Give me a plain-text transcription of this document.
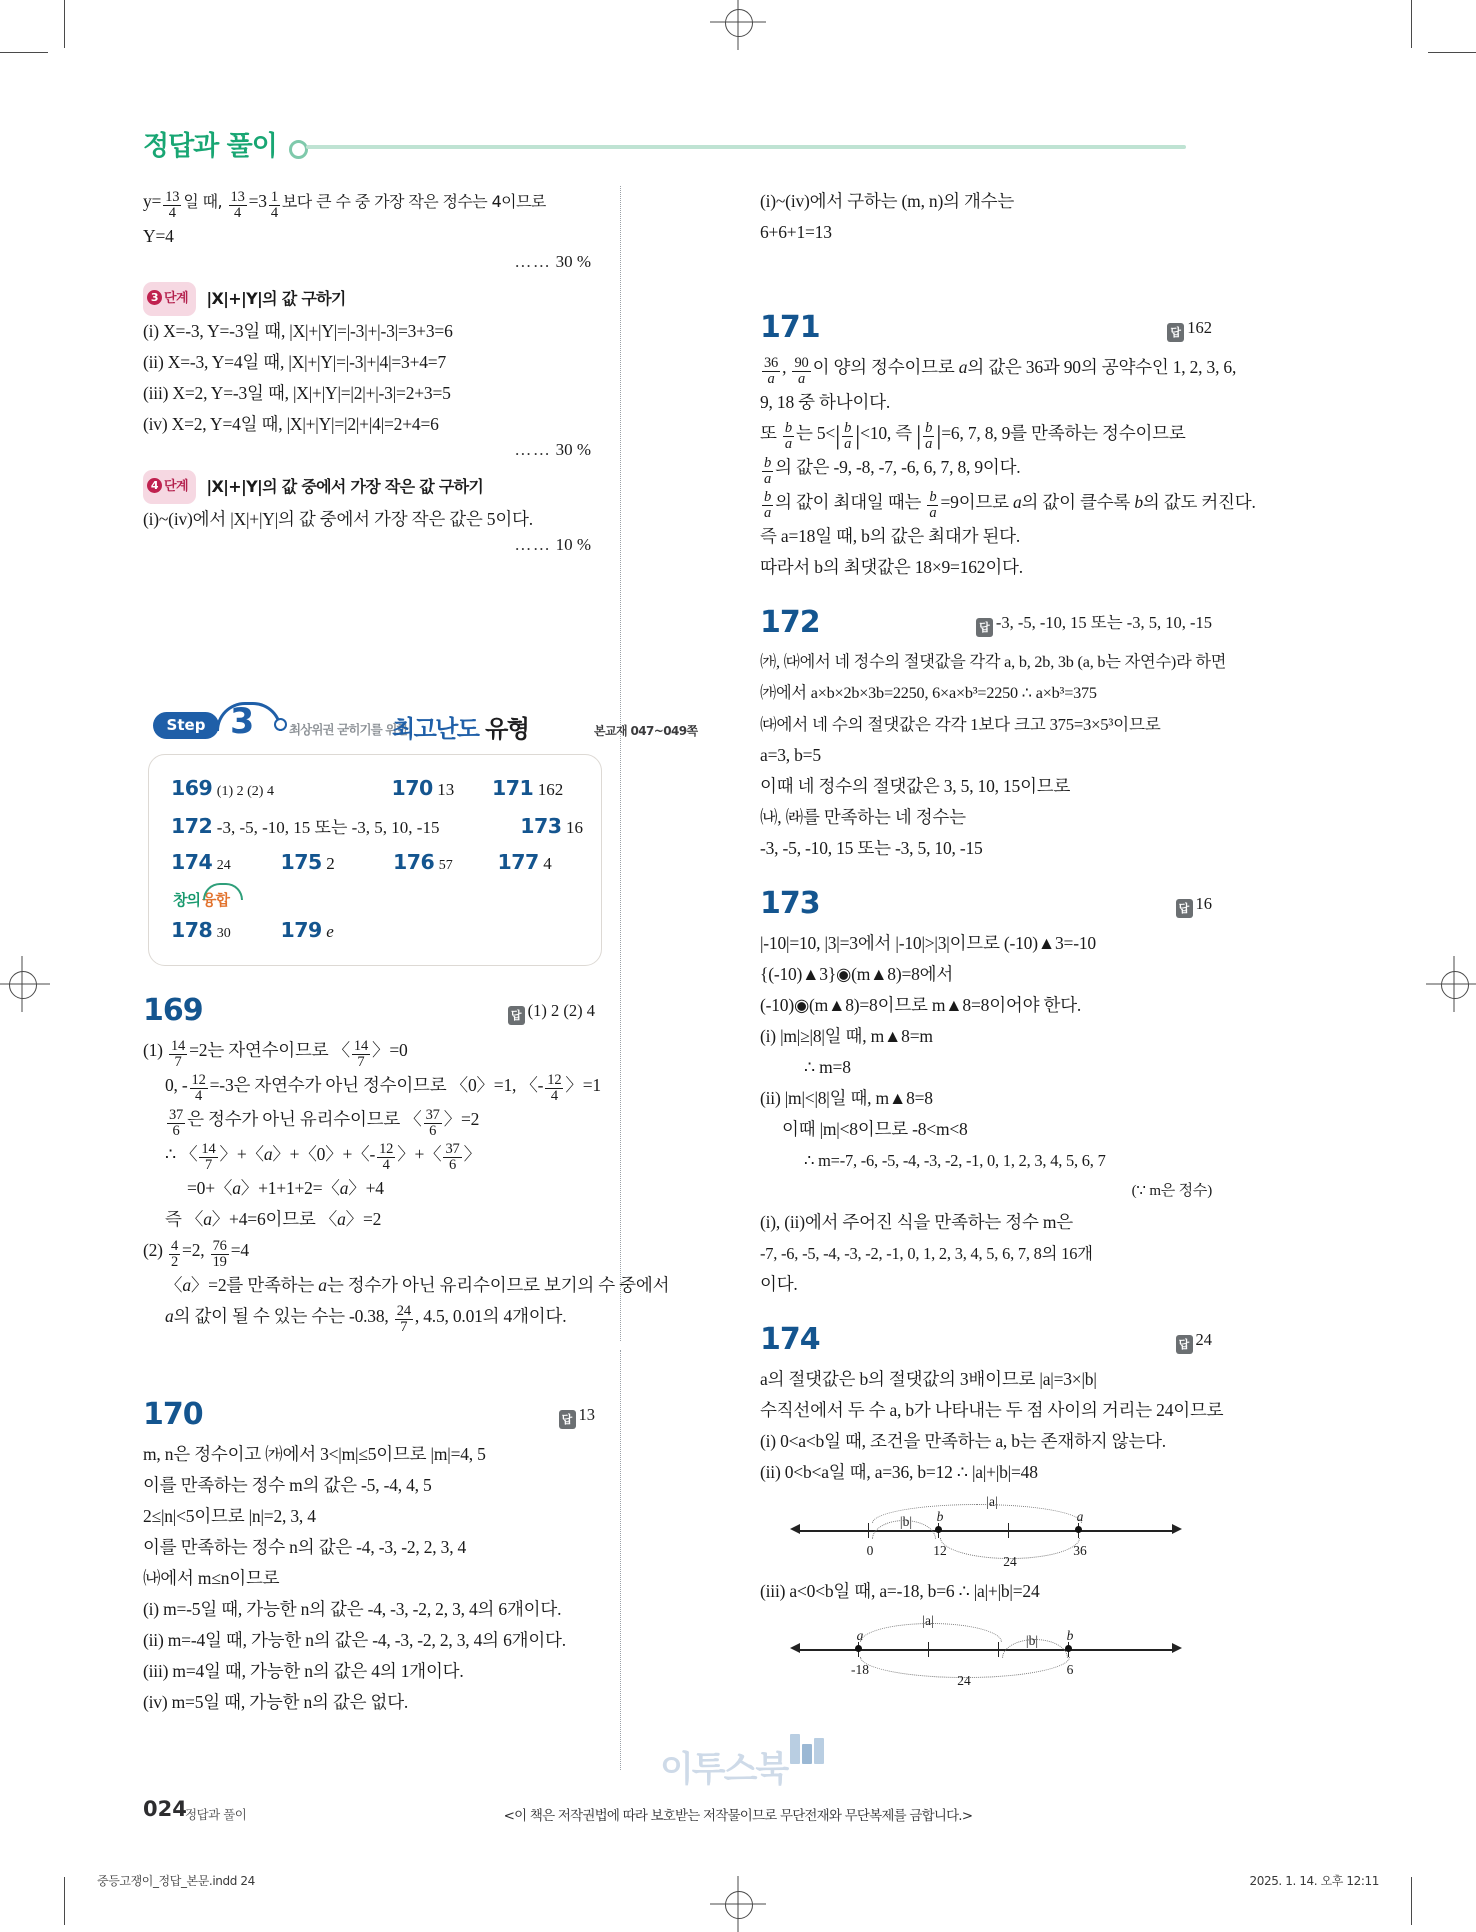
정답과 풀이
$y= \frac{13}{4}$ 일 때, $\frac{13}{4} =3 \frac{1}{4}$ 보다 큰 수 중 가장 작은 정수는 4이므로
Y=4
…… 30 %
3 단계 |X|+|Y|의 값 구하기
(i) X=-3, Y=-3일 때, |X|+|Y|=|-3|+|-3|=3+3=6
(ii) X=-3, Y=4일 때, |X|+|Y|=|-3|+|4|=3+4=7
(iii) X=2, Y=-3일 때, |X|+|Y|=|2|+|-3|=2+3=5
(iv) X=2, Y=4일 때, |X|+|Y|=|2|+|4|=2+4=6
…… 30 %
4 단계 |X|+|Y|의 값 중에서 가장 작은 값 구하기
(i)~(iv)에서 |X|+|Y|의 값 중에서 가장 작은 값은 5이다.
…… 10 %
Step 3	최상위권 굳히기를 위한
최고난도 유형	본교재 047~049쪽
169 (1) 2 (2) 4	170 13 171 162
172 -3, -5, -10, 15 또는 -3, 5, 10, -15	173 16
174 24 175 2	176 57 177 4
창의 융합
178 30 179 e
169	답 (1) 2 (2) 4
$(1) \frac{14}{7} =2$는 자연수이므로 〈 $\frac{14}{7}$ 〉=0
0, - $\frac{12}{4} =-3$은 자연수가 아닌 정수이므로 〈0〉=1, 〈- $\frac{12}{4}$ 〉=1
$\frac{37}{6}$ 은 정수가 아닌 유리수이므로 〈 $\frac{37}{6}$ 〉=2
∴ 〈 $\frac{14}{7}$ 〉+〈a〉+〈0〉+〈- $\frac{12}{4}$ 〉+〈 $\frac{37}{6}$ 〉
=0+〈a〉+1+1+2=〈a〉+4
즉 〈a〉+4=6이므로 〈a〉=2
$(2) \frac{4}{2} =2$, $\frac{76}{19} =4$
〈a〉=2를 만족하는 a는 정수가 아닌 유리수이므로 보기의 수 중에서
a의 값이 될 수 있는 수는 -0.38, $\frac{24}{7}$ , 4.5, 0.01의 4개이다.
170	답 13
m, n은 정수이고 ㈎에서 3<|m|≤5이므로 |m|=4, 5
이를 만족하는 정수 m의 값은 -5, -4, 4, 5
2≤|n|<5이므로 |n|=2, 3, 4
이를 만족하는 정수 n의 값은 -4, -3, -2, 2, 3, 4
㈏에서 m≤n이므로
(i) m=-5일 때, 가능한 n의 값은 -4, -3, -2, 2, 3, 4의 6개이다.
(ii) m=-4일 때, 가능한 n의 값은 -4, -3, -2, 2, 3, 4의 6개이다.
(iii) m=4일 때, 가능한 n의 값은 4의 1개이다.
(iv) m=5일 때, 가능한 n의 값은 없다.
(i)~(iv)에서 구하는 (m, n)의 개수는
6+6+1=13
171	답 162
$\frac{36}{a}$ , $\frac{90}{a}$ 이 양의 정수이므로 a의 값은 36과 90의 공약수인 1, 2, 3, 6,
9, 18 중 하나이다.
또 $\frac{b}{a}$ 는 $5<| \frac{b}{a} |<10$, 즉 | $\frac{b}{a} |=6$, 7, 8, 9를 만족하는 정수이므로
$\frac{b}{a}$ 의 값은 -9, -8, -7, -6, 6, 7, 8, 9이다.
$\frac{b}{a}$ 의 값이 최대일 때는 $\frac{b}{a} =9$이므로 a의 값이 클수록 b의 값도 커진다.
즉 a=18일 때, b의 값은 최대가 된다.
따라서 b의 최댓값은 18×9=162이다.
172	답 -3, -5, -10, 15 또는 -3, 5, 10, -15
㈎, ㈐에서 네 정수의 절댓값을 각각 a, b, 2b, 3b (a, b는 자연수)라 하면
㈎에서 a×b×2b×3b=2250, 6×a×b³=2250 ∴ a×b³=375
㈐에서 네 수의 절댓값은 각각 1보다 크고 375=3×5³이므로
a=3, b=5
이때 네 정수의 절댓값은 3, 5, 10, 15이므로
㈏, ㈑를 만족하는 네 정수는
-3, -5, -10, 15 또는 -3, 5, 10, -15
173	답 16
|-10|=10, |3|=3에서 |-10|>|3|이므로 (-10)▲3=-10
{(-10)▲3}◉(m▲8)=8에서
(-10)◉(m▲8)=8이므로 m▲8=8이어야 한다.
(i) |m|≥|8|일 때, m▲8=m
∴ m=8
(ii) |m|<|8|일 때, m▲8=8
이때 |m|<8이므로 -8<m<8
∴ m=-7, -6, -5, -4, -3, -2, -1, 0, 1, 2, 3, 4, 5, 6, 7
(∵ m은 정수)
(i), (ii)에서 주어진 식을 만족하는 정수 m은
-7, -6, -5, -4, -3, -2, -1, 0, 1, 2, 3, 4, 5, 6, 7, 8의 16개
이다.
174	답 24
a의 절댓값은 b의 절댓값의 3배이므로 |a|=3×|b|
수직선에서 두 수 a, b가 나타내는 두 점 사이의 거리는 24이므로
(i) 0<a<b일 때, 조건을 만족하는 a, b는 존재하지 않는다.
(ii) 0<b<a일 때, a=36, b=12 ∴ |a|+|b|=48
0	12	36
b	a
|b|
|a|
24
(iii) a<0<b일 때, a=-18, b=6 ∴ |a|+|b|=24
-18	6
a	b
|a|
|b|
24
이투스북
024
정답과 풀이	<이 책은 저작권법에 따라 보호받는 저작물이므로 무단전재와 무단복제를 금합니다.>
중등고쟁이_정답_본문.indd 24	2025. 1. 14. 오후 12:11
